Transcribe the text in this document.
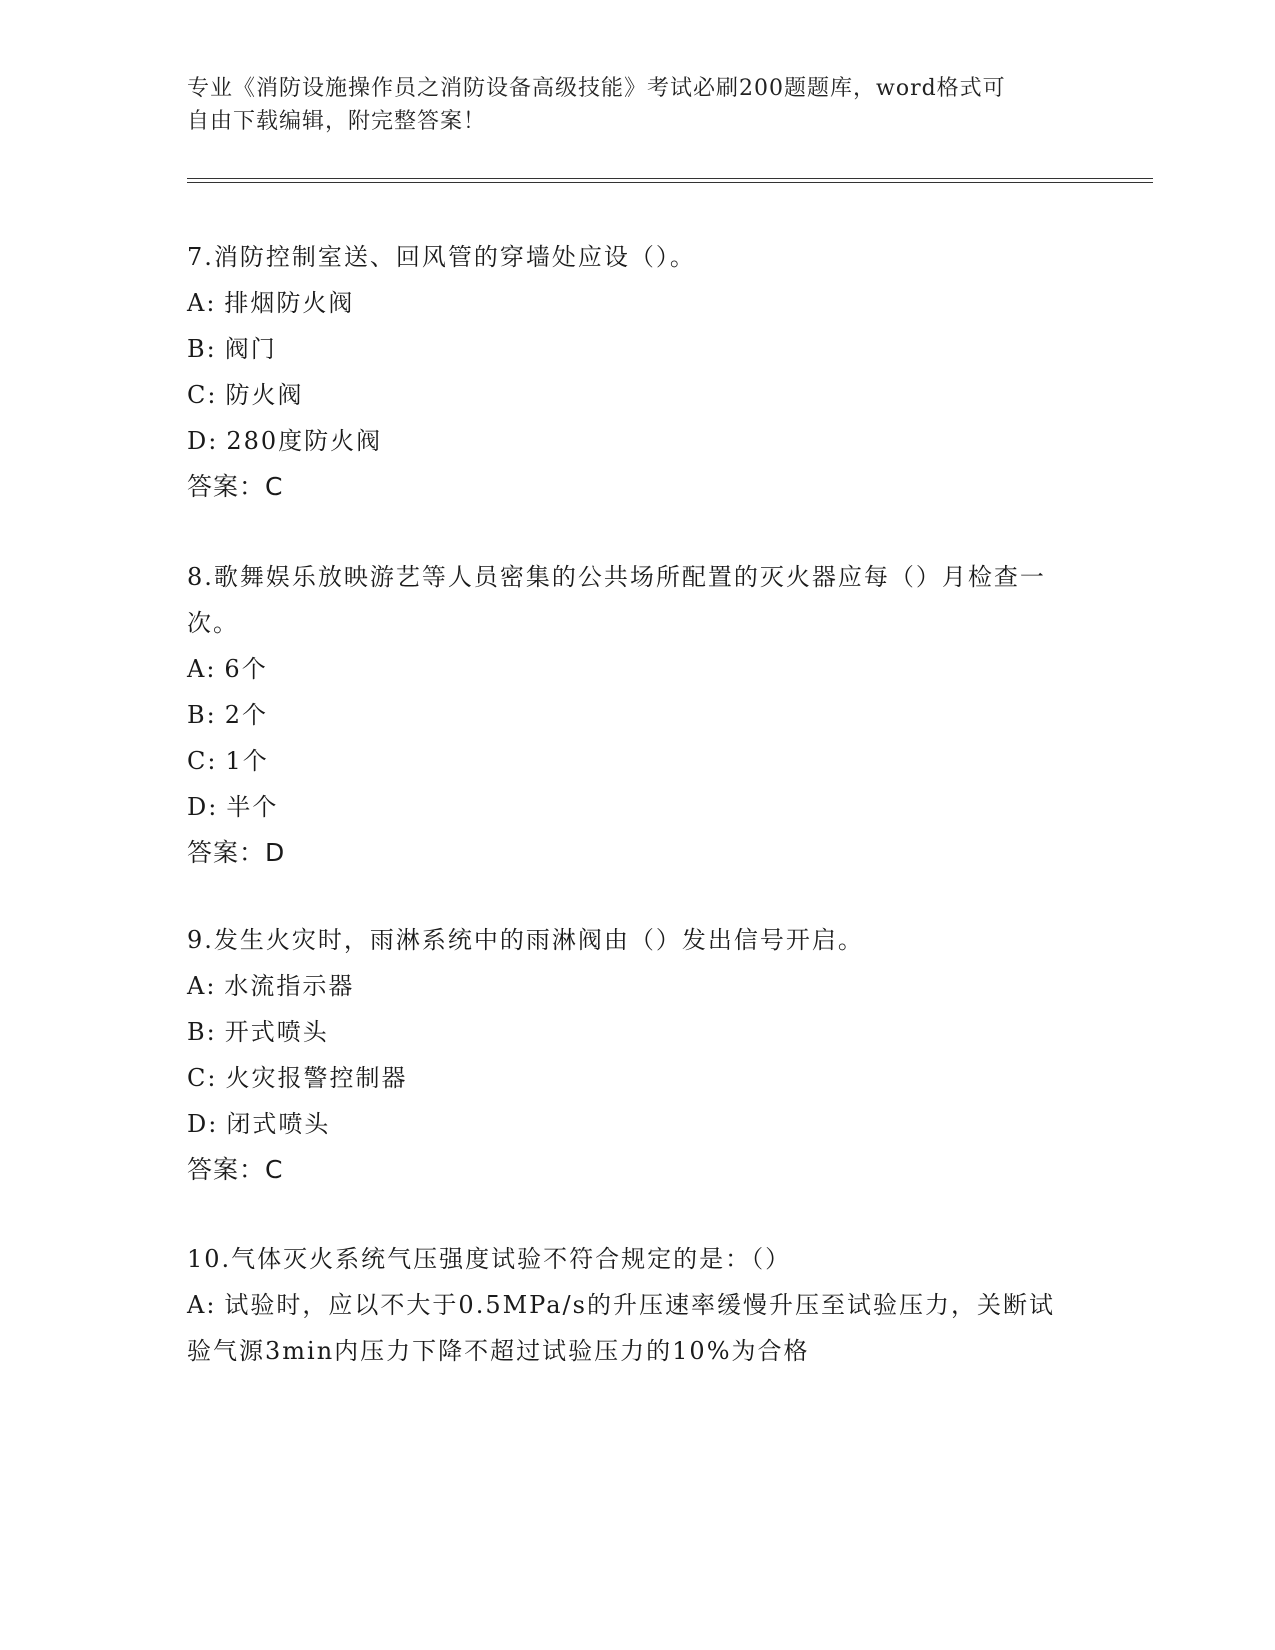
专业《消防设施操作员之消防设备高级技能》考试必刷200题题库，word格式可
自由下载编辑，附完整答案！

7.消防控制室送、回风管的穿墙处应设（）。

A: 排烟防火阀

B: 阀门

C: 防火阀

D: 280度防火阀

答案：C

8.歌舞娱乐放映游艺等人员密集的公共场所配置的灭火器应每（）月检查一次。

A: 6个

B: 2个

C: 1个

D: 半个

答案：D

9.发生火灾时，雨淋系统中的雨淋阀由（）发出信号开启。

A: 水流指示器

B: 开式喷头

C: 火灾报警控制器

D: 闭式喷头

答案：C

10.气体灭火系统气压强度试验不符合规定的是：（）

A: 试验时，应以不大于0.5MPa/s的升压速率缓慢升压至试验压力，关断试验气源3min内压力下降不超过试验压力的10%为合格
